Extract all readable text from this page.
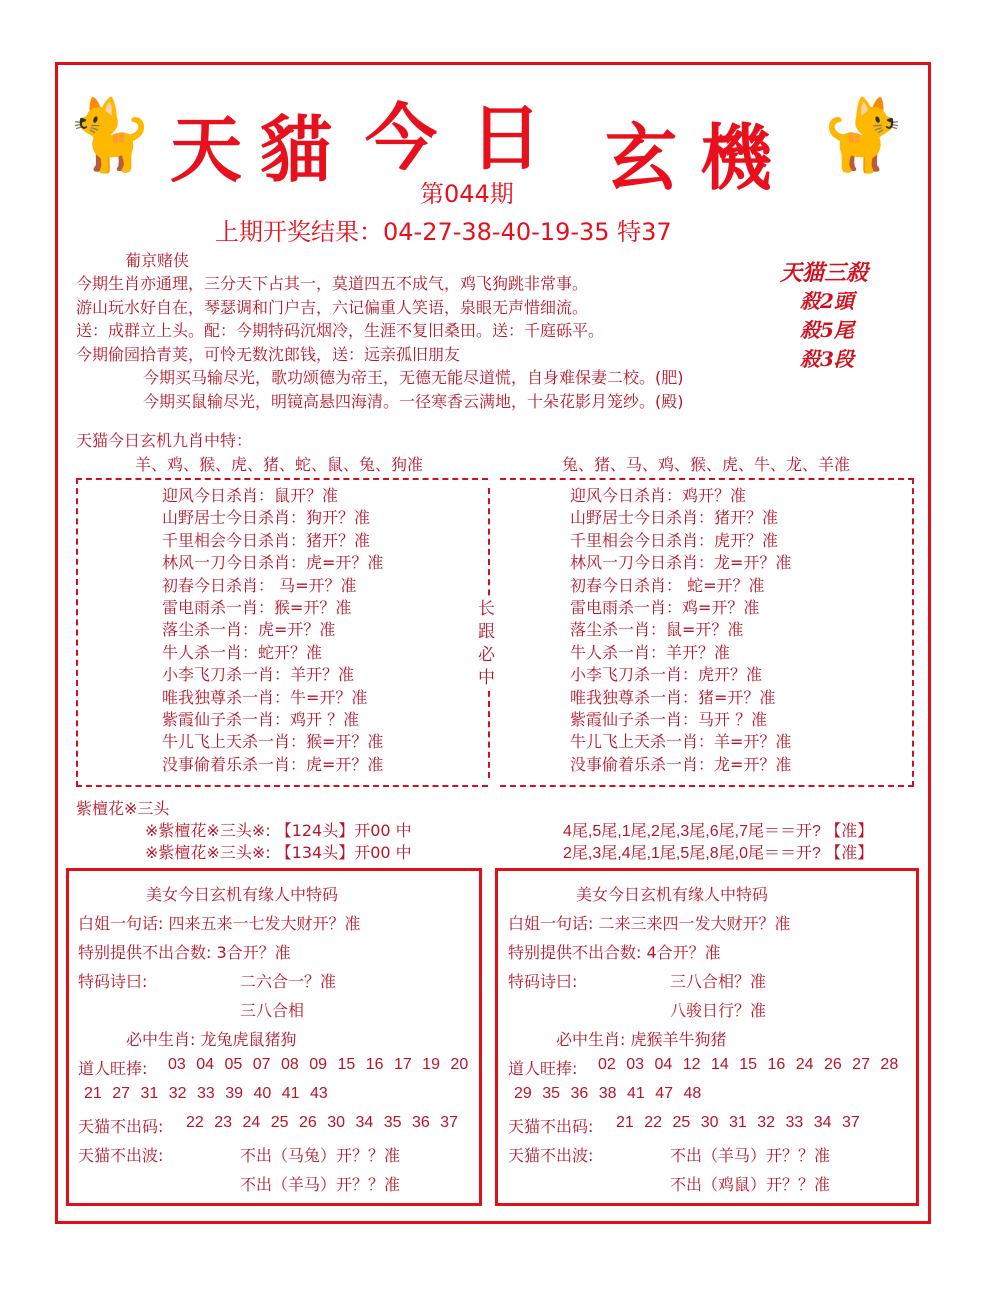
🐈	🐈
天 貓 今 日 玄 機
第044期
上期开奖结果：04-27-38-40-19-35 特37
葡京赌侠
今期生肖亦通理，三分天下占其一，莫道四五不成气，鸡飞狗跳非常事。
游山玩水好自在，琴瑟调和门户吉，六记偏重人笑语，泉眼无声惜细流。
送：成群立上头。配：今期特码沉烟冷，生涯不复旧桑田。送：千庭砾平。
今期偷园拾青荚，可怜无数沈郎钱，送：远亲孤旧朋友
今期买马输尽光，歌功颂德为帝王，无德无能尽道慌，自身难保妻二校。(肥)
今期买鼠输尽光，明镜高悬四海清。一径寒香云满地，十朵花影月笼纱。(殿)
天猫三殺
殺2頭
殺5尾
殺3段
天猫今日玄机九肖中特：
羊、鸡、猴、虎、猪、蛇、鼠、兔、狗准	兔、猪、马、鸡、猴、虎、牛、龙、羊准
长
跟
必
中
迎风今日杀肖：鼠开？准
山野居士今日杀肖：狗开？准
千里相会今日杀肖：猪开？准
林风一刀今日杀肖：虎=开？准
初春今日杀肖： 马=开？准
雷电雨杀一肖：猴=开？准
落尘杀一肖：虎=开？准
牛人杀一肖：蛇开？准
小李飞刀杀一肖：羊开？准
唯我独尊杀一肖：牛=开？准
紫霞仙子杀一肖：鸡开 ？准
牛儿飞上天杀一肖：猴=开？准
没事偷着乐杀一肖：虎=开？准
迎风今日杀肖：鸡开？准
山野居士今日杀肖：猪开？准
千里相会今日杀肖：虎开？准
林风一刀今日杀肖：龙=开？准
初春今日杀肖： 蛇=开？准
雷电雨杀一肖：鸡=开？准
落尘杀一肖：鼠=开？准
牛人杀一肖：羊开？准
小李飞刀杀一肖：虎开？准
唯我独尊杀一肖：猪=开？准
紫霞仙子杀一肖：马开 ？准
牛儿飞上天杀一肖：羊=开？准
没事偷着乐杀一肖：龙=开？准
紫檀花※三头
※紫檀花※三头※: 【124头】开00 中
※紫檀花※三头※: 【134头】开00 中
4尾,5尾,1尾,2尾,3尾,6尾,7尾＝＝开? 【准】
2尾,3尾,4尾,1尾,5尾,8尾,0尾＝＝开? 【准】
美女今日玄机有缘人中特码
白姐一句话: 四来五来一七发大财开？准
特别提供不出合数: 3合开？准
特码诗曰:	二六合一？准
三八合相
必中生肖: 龙兔虎鼠猪狗
道人旺捧: 03 04 05 07 08 09 15 16 17 19 20
21 27 31 32 33 39 40 41 43
天猫不出码: 22 23 24 25 26 30 34 35 36 37
天猫不出波:	不出（马兔）开？？准
不出（羊马）开？？准
美女今日玄机有缘人中特码
白姐一句话: 二来三来四一发大财开？准
特别提供不出合数: 4合开？准
特码诗曰:	三八合相？准
八骏日行？准
必中生肖: 虎猴羊牛狗猪
道人旺捧: 02 03 04 12 14 15 16 24 26 27 28
29 35 36 38 41 47 48
天猫不出码: 21 22 25 30 31 32 33 34 37
天猫不出波:	不出（羊马）开？？准
不出（鸡鼠）开？？准
